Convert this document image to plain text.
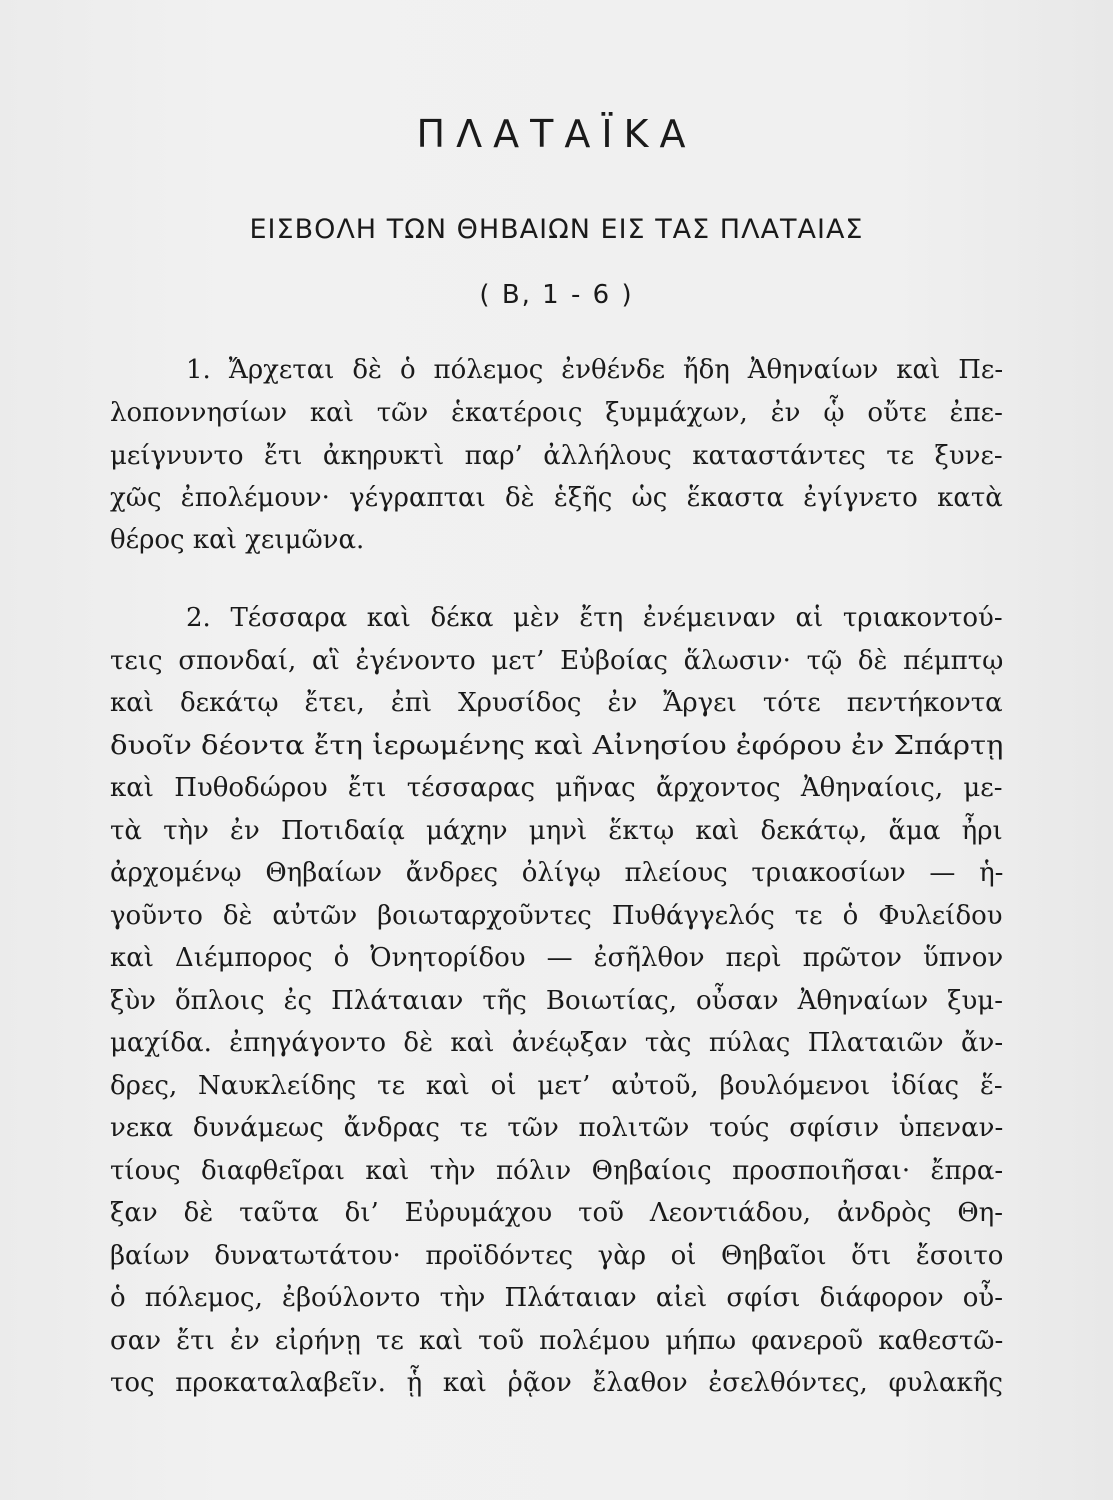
ΠΛΑΤΑΪΚΑ
ΕΙΣΒΟΛΗ ΤΩΝ ΘΗΒΑΙΩΝ ΕΙΣ ΤΑΣ ΠΛΑΤΑΙΑΣ
( Β, 1 - 6 )
1. Ἄρχεται δὲ ὁ πόλεμος ἐνθένδε ἤδη Ἀθηναίων καὶ Πε-
λοποννησίων καὶ τῶν ἑκατέροις ξυμμάχων, ἐν ᾧ οὔτε ἐπε-
μείγνυντο ἔτι ἀκηρυκτὶ παρ’ ἀλλήλους καταστάντες τε ξυνε-
χῶς ἐπολέμουν· γέγραπται δὲ ἑξῆς ὡς ἕκαστα ἐγίγνετο κατὰ
θέρος καὶ χειμῶνα.
2. Τέσσαρα καὶ δέκα μὲν ἔτη ἐνέμειναν αἱ τριακοντού-
τεις σπονδαί, αἳ ἐγένοντο μετ’ Εὐβοίας ἅλωσιν· τῷ δὲ πέμπτῳ
καὶ δεκάτῳ ἔτει, ἐπὶ Χρυσίδος ἐν Ἄργει τότε πεντήκοντα
δυοῖν δέοντα ἔτη ἱερωμένης καὶ Αἰνησίου ἐφόρου ἐν Σπάρτῃ
καὶ Πυθοδώρου ἔτι τέσσαρας μῆνας ἄρχοντος Ἀθηναίοις, με-
τὰ τὴν ἐν Ποτιδαίᾳ μάχην μηνὶ ἕκτῳ καὶ δεκάτῳ, ἅμα ἦρι
ἀρχομένῳ Θηβαίων ἄνδρες ὀλίγῳ πλείους τριακοσίων — ἡ-
γοῦντο δὲ αὐτῶν βοιωταρχοῦντες Πυθάγγελός τε ὁ Φυλείδου
καὶ Διέμπορος ὁ Ὀνητορίδου — ἐσῆλθον περὶ πρῶτον ὕπνον
ξὺν ὅπλοις ἐς Πλάταιαν τῆς Βοιωτίας, οὖσαν Ἀθηναίων ξυμ-
μαχίδα. ἐπηγάγοντο δὲ καὶ ἀνέῳξαν τὰς πύλας Πλαταιῶν ἄν-
δρες, Ναυκλείδης τε καὶ οἱ μετ’ αὐτοῦ, βουλόμενοι ἰδίας ἕ-
νεκα δυνάμεως ἄνδρας τε τῶν πολιτῶν τούς σφίσιν ὑπεναν-
τίους διαφθεῖραι καὶ τὴν πόλιν Θηβαίοις προσποιῆσαι· ἔπρα-
ξαν δὲ ταῦτα δι’ Εὐρυμάχου τοῦ Λεοντιάδου, ἀνδρὸς Θη-
βαίων δυνατωτάτου· προϊδόντες γὰρ οἱ Θηβαῖοι ὅτι ἔσοιτο
ὁ πόλεμος, ἐβούλοντο τὴν Πλάταιαν αἰεὶ σφίσι διάφορον οὖ-
σαν ἔτι ἐν εἰρήνῃ τε καὶ τοῦ πολέμου μήπω φανεροῦ καθεστῶ-
τος προκαταλαβεῖν. ᾗ καὶ ῥᾷον ἔλαθον ἐσελθόντες, φυλακῆς
